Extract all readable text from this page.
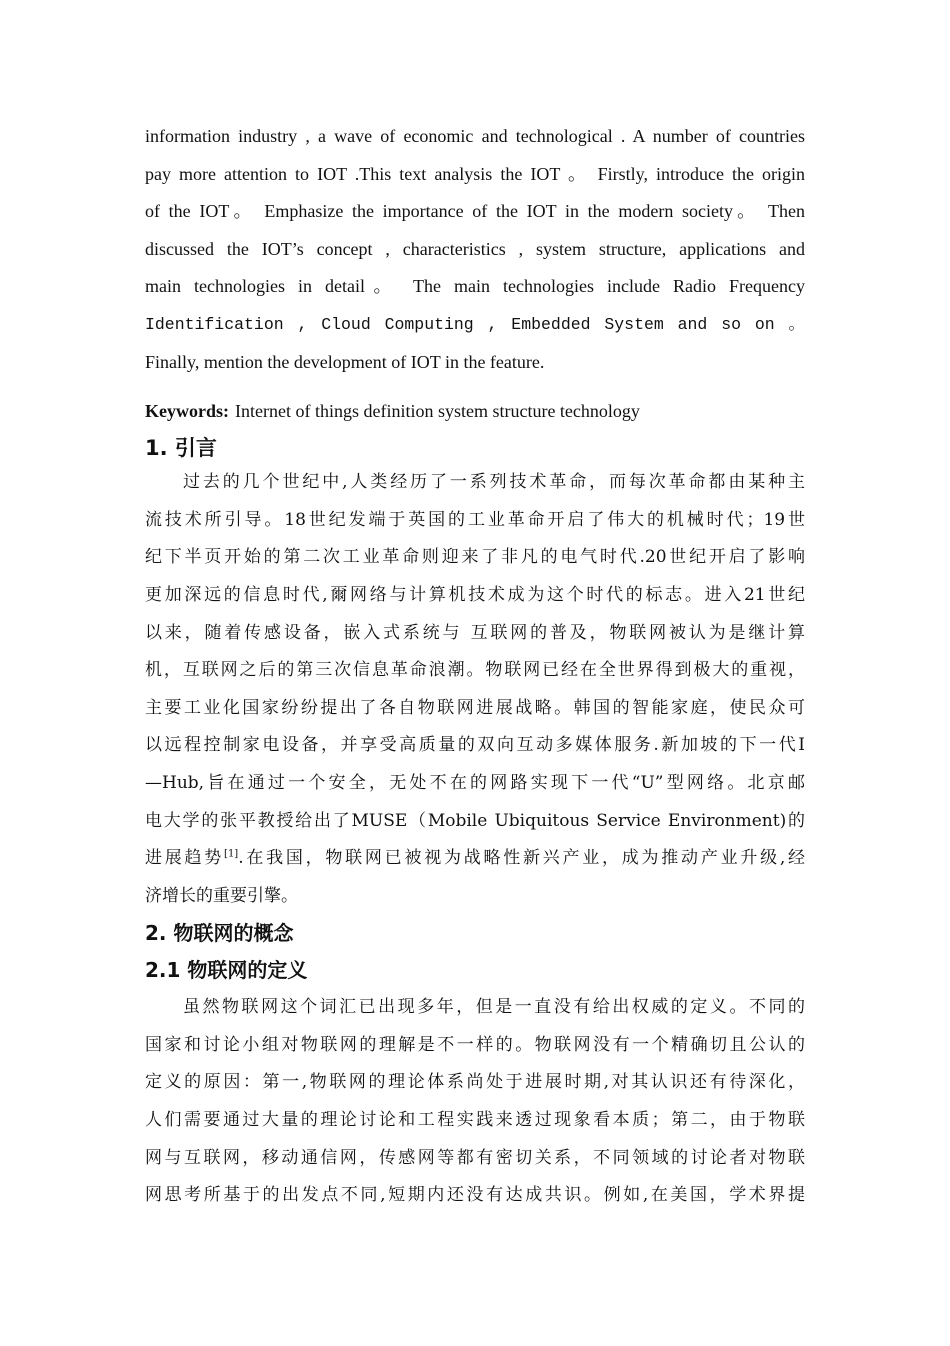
information industry , a wave of economic and technological . A number of countries
pay more attention to IOT .This text analysis the IOT 。 Firstly, introduce the origin
of the IOT。 Emphasize the importance of the IOT in the modern society。 Then
discussed the IOT’s concept , characteristics , system structure, applications and
main technologies in detail。 The main technologies include Radio Frequency
Identification , Cloud Computing , Embedded System and so on 。
Finally, mention the development of IOT in the feature.
Keywords: Internet of things definition system structure technology
1. 引言
过去的几个世纪中,人类经历了一系列技术革命，而每次革命都由某种主
流技术所引导。18世纪发端于英国的工业革命开启了伟大的机械时代；19世
纪下半页开始的第二次工业革命则迎来了非凡的电气时代.20世纪开启了影响
更加深远的信息时代,爾网络与计算机技术成为这个时代的标志。进入21世纪
以来，随着传感设备，嵌入式系统与 互联网的普及，物联网被认为是继计算
机，互联网之后的第三次信息革命浪潮。物联网已经在全世界得到极大的重视，
主要工业化国家纷纷提出了各自物联网进展战略。韩国的智能家庭，使民众可
以远程控制家电设备，并享受高质量的双向互动多媒体服务.新加坡的下一代I
—Hub,旨在通过一个安全，无处不在的网路实现下一代“U”型网络。北京邮
电大学的张平教授给出了MUSE（Mobile Ubiquitous Service Environment)的
进展趋势[1].在我国，物联网已被视为战略性新兴产业，成为推动产业升级,经
济增长的重要引擎。
2. 物联网的概念
2.1 物联网的定义
虽然物联网这个词汇已出现多年，但是一直没有给出权威的定义。不同的
国家和讨论小组对物联网的理解是不一样的。物联网没有一个精确切且公认的
定义的原因：第一,物联网的理论体系尚处于进展时期,对其认识还有待深化，
人们需要通过大量的理论讨论和工程实践来透过现象看本质；第二，由于物联
网与互联网，移动通信网，传感网等都有密切关系，不同领域的讨论者对物联
网思考所基于的出发点不同,短期内还没有达成共识。例如,在美国，学术界提
